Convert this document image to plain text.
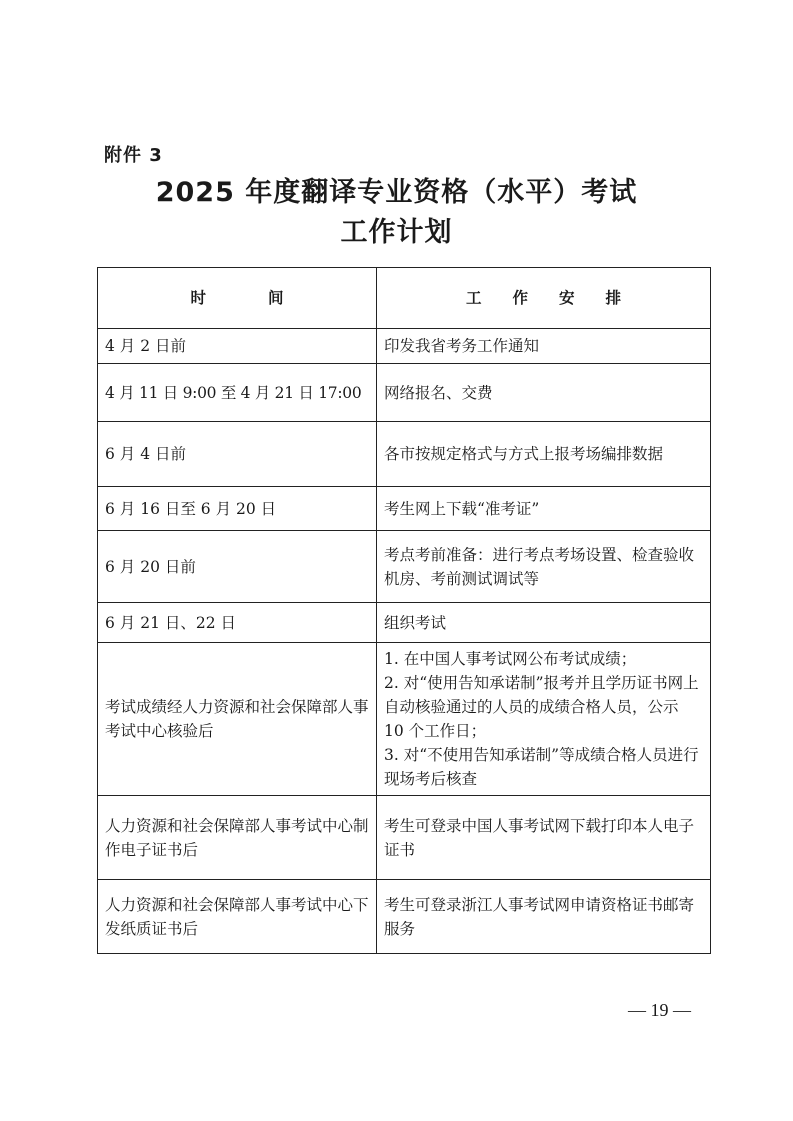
附件 3
2025 年度翻译专业资格（水平）考试
工作计划
时　　　　间	工　　作　　安　　排
4 月 2 日前	印发我省考务工作通知

4 月 11 日 9:00 至 4 月 21 日 17:00	网络报名、交费

6 月 4 日前	各市按规定格式与方式上报考场编排数据

6 月 16 日至 6 月 20 日	考生网上下载“准考证”

6 月 20 日前	考点考前准备：进行考点考场设置、检查验收机房、考前测试调试等

6 月 21 日、22 日	组织考试

考试成绩经人力资源和社会保障部人事考试中心核验后	1. 在中国人事考试网公布考试成绩；
2. 对“使用告知承诺制”报考并且学历证书网上自动核验通过的人员的成绩合格人员，公示 10 个工作日；
3. 对“不使用告知承诺制”等成绩合格人员进行现场考后核查

人力资源和社会保障部人事考试中心制作电子证书后	考生可登录中国人事考试网下载打印本人电子证书

人力资源和社会保障部人事考试中心下发纸质证书后	考生可登录浙江人事考试网申请资格证书邮寄服务
— 19 —
